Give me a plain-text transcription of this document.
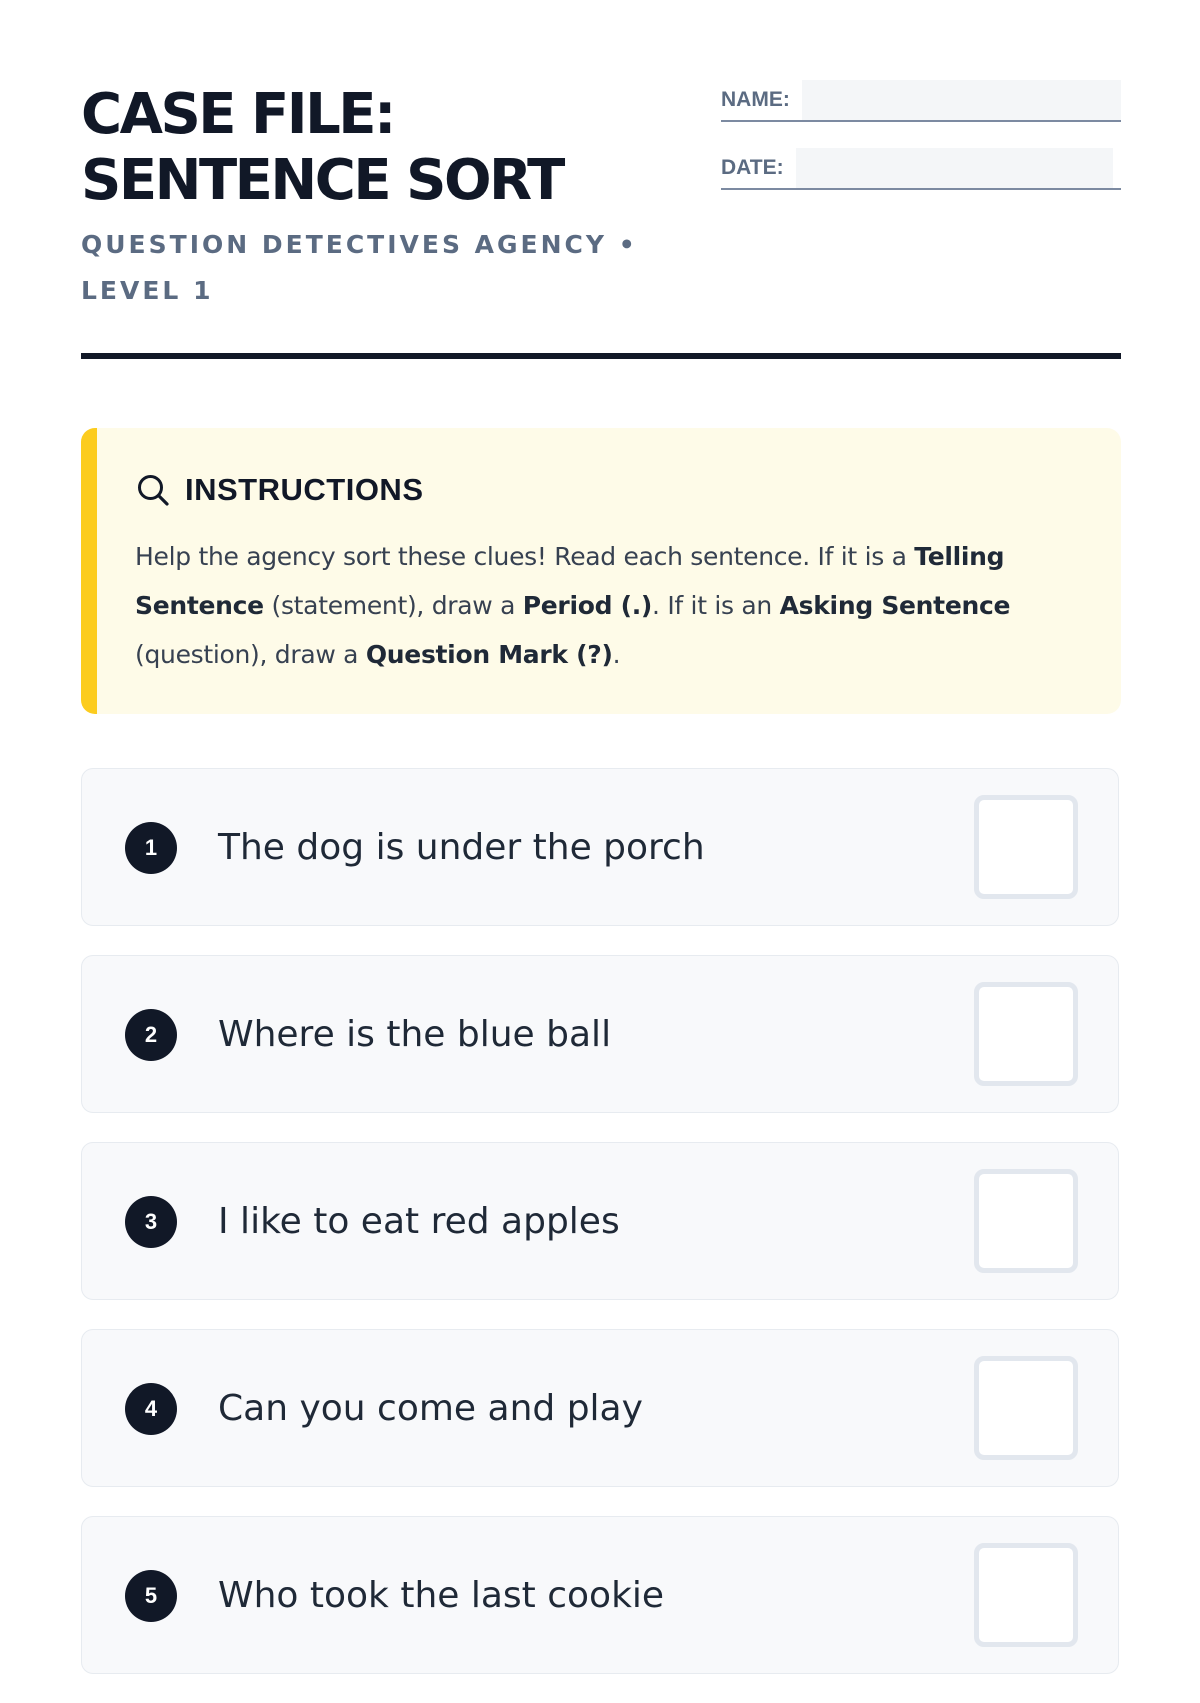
CASE FILE:
SENTENCE SORT

QUESTION DETECTIVES AGENCY • LEVEL 1

NAME:
DATE:
INSTRUCTIONS

Help the agency sort these clues! Read each sentence. If it is a Telling Sentence (statement), draw a Period (.). If it is an Asking Sentence (question), draw a Question Mark (?).

1	The dog is under the porch
2	Where is the blue ball
3	I like to eat red apples
4	Can you come and play
5	Who took the last cookie
